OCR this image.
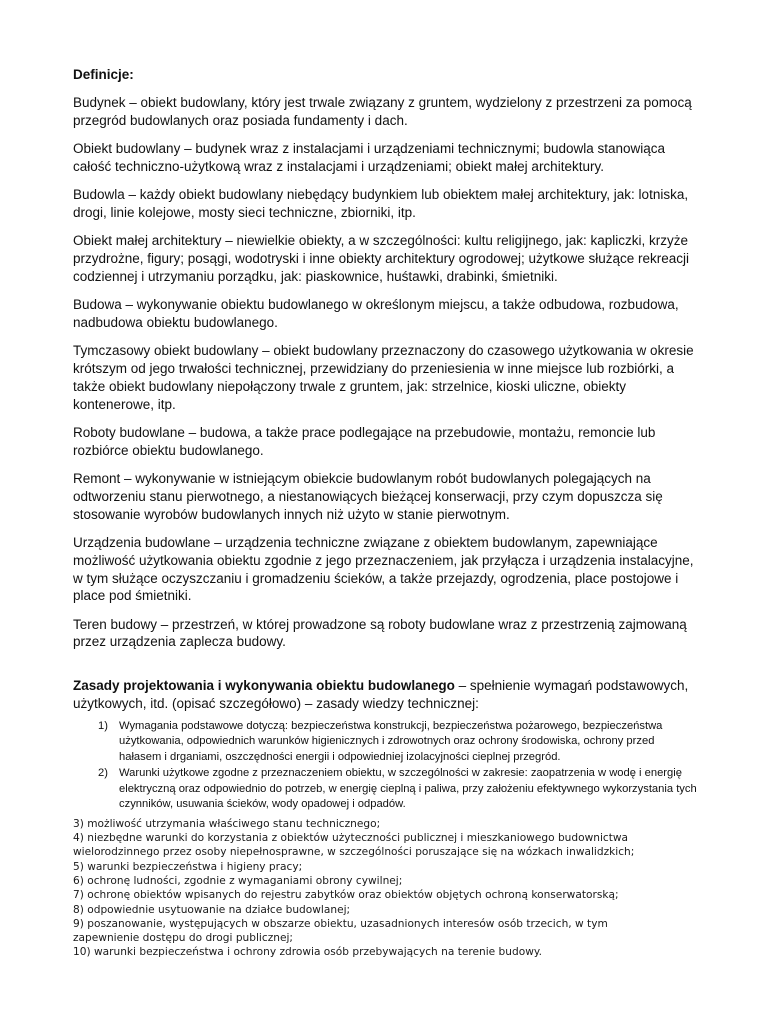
Definicje:

Budynek – obiekt budowlany, który jest trwale związany z gruntem, wydzielony z przestrzeni za pomocą przegród budowlanych oraz posiada fundamenty i dach.

Obiekt budowlany – budynek wraz z instalacjami i urządzeniami technicznymi; budowla stanowiąca całość techniczno-użytkową wraz z instalacjami i urządzeniami; obiekt małej architektury.

Budowla – każdy obiekt budowlany niebędący budynkiem lub obiektem małej architektury, jak: lotniska, drogi, linie kolejowe, mosty sieci techniczne, zbiorniki, itp.

Obiekt małej architektury – niewielkie obiekty, a w szczególności: kultu religijnego, jak: kapliczki, krzyże przydrożne, figury; posągi, wodotryski i inne obiekty architektury ogrodowej; użytkowe służące rekreacji codziennej i utrzymaniu porządku, jak: piaskownice, huśtawki, drabinki, śmietniki.

Budowa – wykonywanie obiektu budowlanego w określonym miejscu, a także odbudowa, rozbudowa, nadbudowa obiektu budowlanego.

Tymczasowy obiekt budowlany – obiekt budowlany przeznaczony do czasowego użytkowania w okresie krótszym od jego trwałości technicznej, przewidziany do przeniesienia w inne miejsce lub rozbiórki, a także obiekt budowlany niepołączony trwale z gruntem, jak: strzelnice, kioski uliczne, obiekty kontenerowe, itp.

Roboty budowlane – budowa, a także prace podlegające na przebudowie, montażu, remoncie lub rozbiórce obiektu budowlanego.

Remont – wykonywanie w istniejącym obiekcie budowlanym robót budowlanych polegających na odtworzeniu stanu pierwotnego, a niestanowiących bieżącej konserwacji, przy czym dopuszcza się stosowanie wyrobów budowlanych innych niż użyto w stanie pierwotnym.

Urządzenia budowlane – urządzenia techniczne związane z obiektem budowlanym, zapewniające możliwość użytkowania obiektu zgodnie z jego przeznaczeniem, jak przyłącza i urządzenia instalacyjne, w tym służące oczyszczaniu i gromadzeniu ścieków, a także przejazdy, ogrodzenia, place postojowe i place pod śmietniki.

Teren budowy – przestrzeń, w której prowadzone są roboty budowlane wraz z przestrzenią zajmowaną przez urządzenia zaplecza budowy.

Zasady projektowania i wykonywania obiektu budowlanego – spełnienie wymagań podstawowych, użytkowych, itd. (opisać szczegółowo) – zasady wiedzy technicznej:
1) Wymagania podstawowe dotyczą: bezpieczeństwa konstrukcji, bezpieczeństwa pożarowego, bezpieczeństwa użytkowania, odpowiednich warunków higienicznych i zdrowotnych oraz ochrony środowiska, ochrony przed hałasem i drganiami, oszczędności energii i odpowiedniej izolacyjności cieplnej przegród.
2) Warunki użytkowe zgodne z przeznaczeniem obiektu, w szczególności w zakresie: zaopatrzenia w wodę i energię elektryczną oraz odpowiednio do potrzeb, w energię cieplną i paliwa, przy założeniu efektywnego wykorzystania tych czynników, usuwania ścieków, wody opadowej i odpadów.
3) możliwość utrzymania właściwego stanu technicznego;
4) niezbędne warunki do korzystania z obiektów użyteczności publicznej i mieszkaniowego budownictwa
wielorodzinnego przez osoby niepełnosprawne, w szczególności poruszające się na wózkach inwalidzkich;
5) warunki bezpieczeństwa i higieny pracy;
6) ochronę ludności, zgodnie z wymaganiami obrony cywilnej;
7) ochronę obiektów wpisanych do rejestru zabytków oraz obiektów objętych ochroną konserwatorską;
8) odpowiednie usytuowanie na działce budowlanej;
9) poszanowanie, występujących w obszarze obiektu, uzasadnionych interesów osób trzecich, w tym
zapewnienie dostępu do drogi publicznej;
10) warunki bezpieczeństwa i ochrony zdrowia osób przebywających na terenie budowy.
